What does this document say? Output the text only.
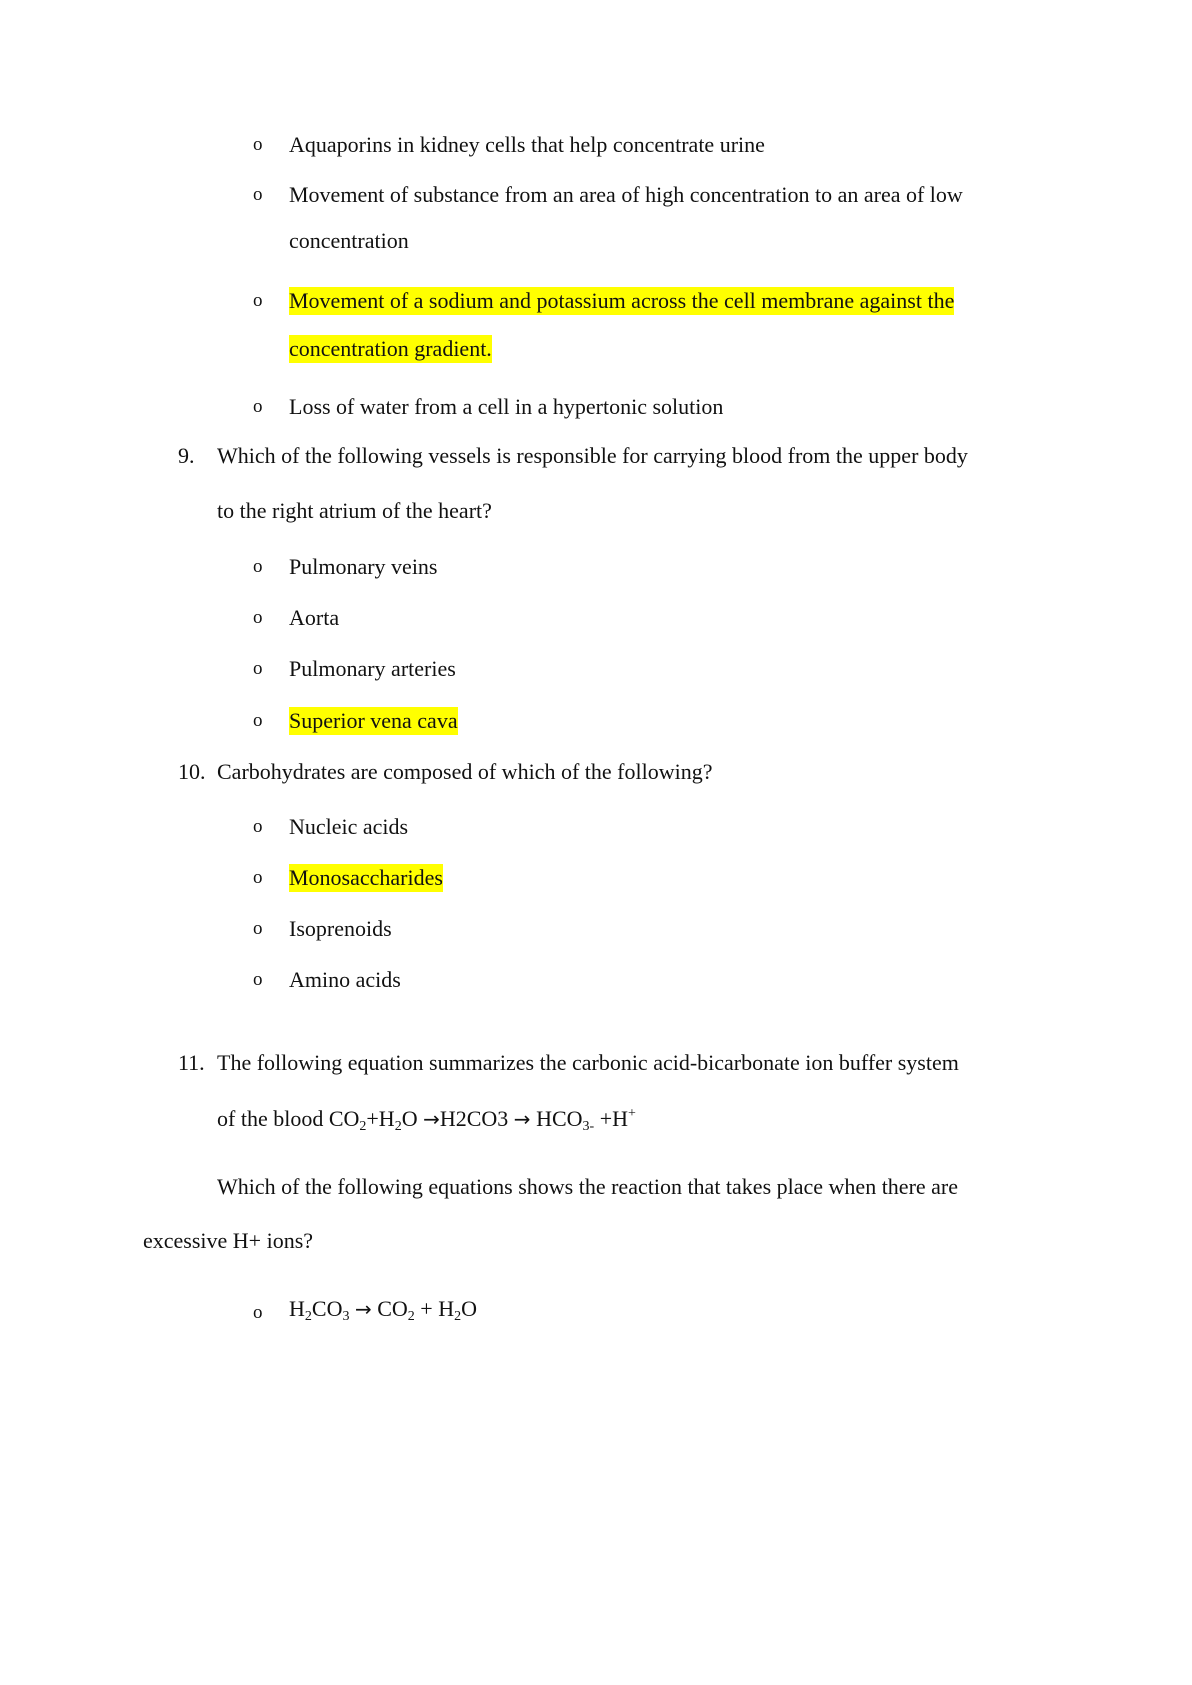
o Aquaporins in kidney cells that help concentrate urine
o Movement of substance from an area of high concentration to an area of low
concentration
o Movement of a sodium and potassium across the cell membrane against the
concentration gradient.
o Loss of water from a cell in a hypertonic solution
9. Which of the following vessels is responsible for carrying blood from the upper body
to the right atrium of the heart?
o Pulmonary veins
o Aorta
o Pulmonary arteries
o Superior vena cava
10. Carbohydrates are composed of which of the following?
o Nucleic acids
o Monosaccharides
o Isoprenoids
o Amino acids
11. The following equation summarizes the carbonic acid-bicarbonate ion buffer system
of the blood $CO_2+H_2O \to H2CO3 \to HCO_{3-} +H^+$
Which of the following equations shows the reaction that takes place when there are
excessive H+ ions?
o $H_2CO_3 \to CO_2 + H_2O$
